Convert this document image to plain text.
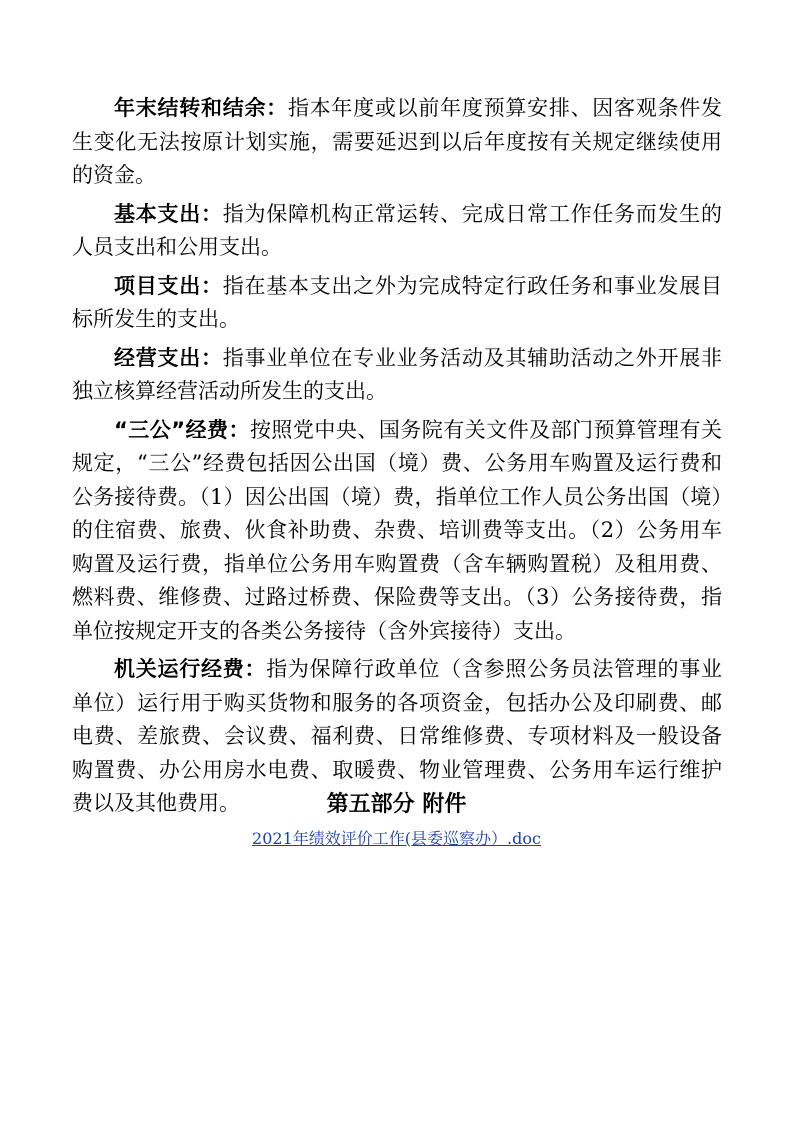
年末结转和结余：指本年度或以前年度预算安排、因客观条件发生变化无法按原计划实施，需要延迟到以后年度按有关规定继续使用的资金。

基本支出：指为保障机构正常运转、完成日常工作任务而发生的人员支出和公用支出。

项目支出：指在基本支出之外为完成特定行政任务和事业发展目标所发生的支出。

经营支出：指事业单位在专业业务活动及其辅助活动之外开展非独立核算经营活动所发生的支出。

“三公”经费：按照党中央、国务院有关文件及部门预算管理有关规定，“三公”经费包括因公出国（境）费、公务用车购置及运行费和公务接待费。（1）因公出国（境）费，指单位工作人员公务出国（境）的住宿费、旅费、伙食补助费、杂费、培训费等支出。（2）公务用车购置及运行费，指单位公务用车购置费（含车辆购置税）及租用费、燃料费、维修费、过路过桥费、保险费等支出。（3）公务接待费，指单位按规定开支的各类公务接待（含外宾接待）支出。

机关运行经费：指为保障行政单位（含参照公务员法管理的事业单位）运行用于购买货物和服务的各项资金，包括办公及印刷费、邮电费、差旅费、会议费、福利费、日常维修费、专项材料及一般设备购置费、办公用房水电费、取暖费、物业管理费、公务用车运行维护费以及其他费用。	第五部分 附件
2021年绩效评价工作(县委巡察办）.doc
